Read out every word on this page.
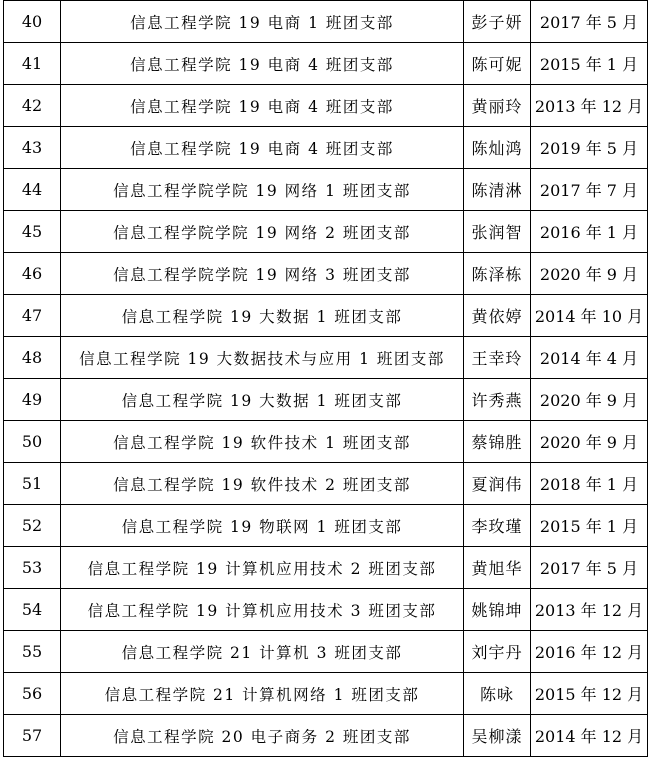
40	信息工程学院 19 电商 1 班团支部	彭子妍	2017 年 5 月
41	信息工程学院 19 电商 4 班团支部	陈可妮	2015 年 1 月
42	信息工程学院 19 电商 4 班团支部	黄丽玲	2013 年 12 月
43	信息工程学院 19 电商 4 班团支部	陈灿鸿	2019 年 5 月
44	信息工程学院学院 19 网络 1 班团支部	陈清淋	2017 年 7 月
45	信息工程学院学院 19 网络 2 班团支部	张润智	2016 年 1 月
46	信息工程学院学院 19 网络 3 班团支部	陈泽栋	2020 年 9 月
47	信息工程学院 19 大数据 1 班团支部	黄依婷	2014 年 10 月
48	信息工程学院 19 大数据技术与应用 1 班团支部	王幸玲	2014 年 4 月
49	信息工程学院 19 大数据 1 班团支部	许秀燕	2020 年 9 月
50	信息工程学院 19 软件技术 1 班团支部	蔡锦胜	2020 年 9 月
51	信息工程学院 19 软件技术 2 班团支部	夏润伟	2018 年 1 月
52	信息工程学院 19 物联网 1 班团支部	李玫瑾	2015 年 1 月
53	信息工程学院 19 计算机应用技术 2 班团支部	黄旭华	2017 年 5 月
54	信息工程学院 19 计算机应用技术 3 班团支部	姚锦坤	2013 年 12 月
55	信息工程学院 21 计算机 3 班团支部	刘宇丹	2016 年 12 月
56	信息工程学院 21 计算机网络 1 班团支部	陈咏	2015 年 12 月
57	信息工程学院 20 电子商务 2 班团支部	吴柳漾	2014 年 12 月
